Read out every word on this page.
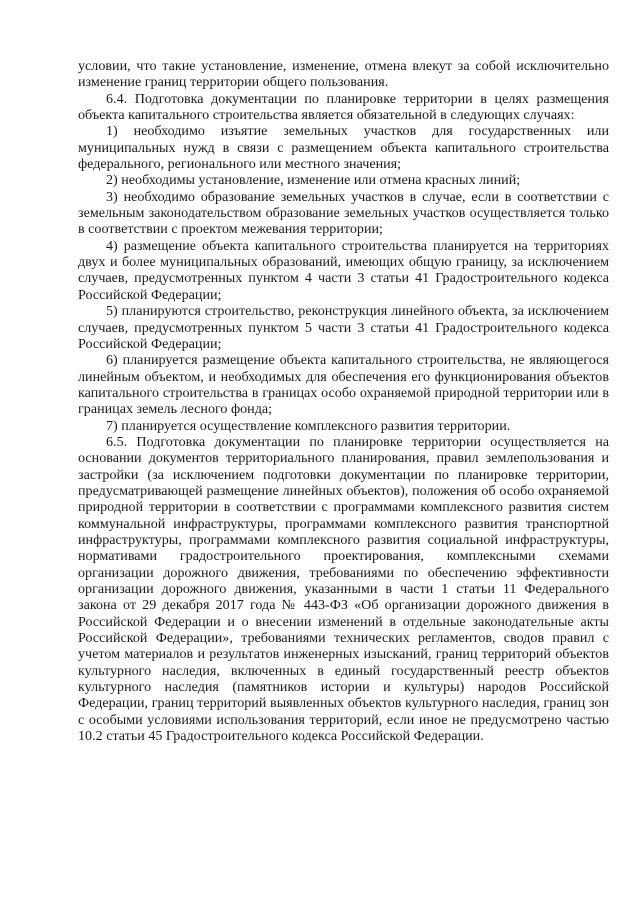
условии, что такие установление, изменение, отмена влекут за собой исключительно изменение границ территории общего пользования.

6.4. Подготовка документации по планировке территории в целях размещения объекта капитального строительства является обязательной в следующих случаях:

1) необходимо изъятие земельных участков для государственных или муниципальных нужд в связи с размещением объекта капитального строительства федерального, регионального или местного значения;

2) необходимы установление, изменение или отмена красных линий;

3) необходимо образование земельных участков в случае, если в соответствии с земельным законодательством образование земельных участков осуществляется только в соответствии с проектом межевания территории;

4) размещение объекта капитального строительства планируется на территориях двух и более муниципальных образований, имеющих общую границу, за исключением случаев, предусмотренных пунктом 4 части 3 статьи 41 Градостроительного кодекса Российской Федерации;

5) планируются строительство, реконструкция линейного объекта, за исключением случаев, предусмотренных пунктом 5 части 3 статьи 41 Градостроительного кодекса Российской Федерации;

6) планируется размещение объекта капитального строительства, не являющегося линейным объектом, и необходимых для обеспечения его функционирования объектов капитального строительства в границах особо охраняемой природной территории или в границах земель лесного фонда;

7) планируется осуществление комплексного развития территории.

6.5. Подготовка документации по планировке территории осуществляется на основании документов территориального планирования, правил землепользования и застройки (за исключением подготовки документации по планировке территории, предусматривающей размещение линейных объектов), положения об особо охраняемой природной территории в соответствии с программами комплексного развития систем коммунальной инфраструктуры, программами комплексного развития транспортной инфраструктуры, программами комплексного развития социальной инфраструктуры, нормативами градостроительного проектирования, комплексными схемами организации дорожного движения, требованиями по обеспечению эффективности организации дорожного движения, указанными в части 1 статьи 11 Федерального закона от 29 декабря 2017 года № 443-ФЗ «Об организации дорожного движения в Российской Федерации и о внесении изменений в отдельные законодательные акты Российской Федерации», требованиями технических регламентов, сводов правил с учетом материалов и результатов инженерных изысканий, границ территорий объектов культурного наследия, включенных в единый государственный реестр объектов культурного наследия (памятников истории и культуры) народов Российской Федерации, границ территорий выявленных объектов культурного наследия, границ зон с особыми условиями использования территорий, если иное не предусмотрено частью 10.2 статьи 45 Градостроительного кодекса Российской Федерации.
